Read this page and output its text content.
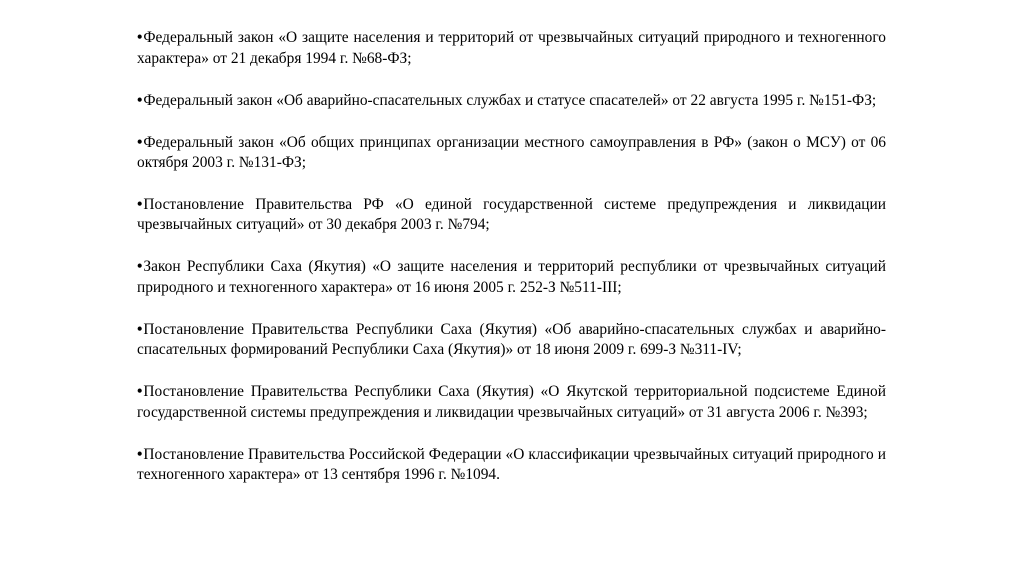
•Федеральный закон «О защите населения и территорий от чрезвычайных ситуаций природного и техногенного характера» от 21 декабря 1994 г. №68-ФЗ;

•Федеральный закон «Об аварийно-спасательных службах и статусе спасателей» от 22 августа 1995 г. №151-ФЗ;

•Федеральный закон «Об общих принципах организации местного самоуправления в РФ» (закон о МСУ) от 06 октября 2003 г. №131-ФЗ;

•Постановление Правительства РФ «О единой государственной системе предупреждения и ликвидации чрезвычайных ситуаций» от 30 декабря 2003 г. №794;

•Закон Республики Саха (Якутия) «О защите населения и территорий республики от чрезвычайных ситуаций природного и техногенного характера» от 16 июня 2005 г. 252-З №511-III;

•Постановление Правительства Республики Саха (Якутия) «Об аварийно-спасательных службах и аварийно-спасательных формирований Республики Саха (Якутия)» от 18 июня 2009 г. 699-З №311-IV;

•Постановление Правительства Республики Саха (Якутия) «О Якутской территориальной подсистеме Единой государственной системы предупреждения и ликвидации чрезвычайных ситуаций» от 31 августа 2006 г. №393;

•Постановление Правительства Российской Федерации «О классификации чрезвычайных ситуаций природного и техногенного характера» от 13 сентября 1996 г. №1094.
